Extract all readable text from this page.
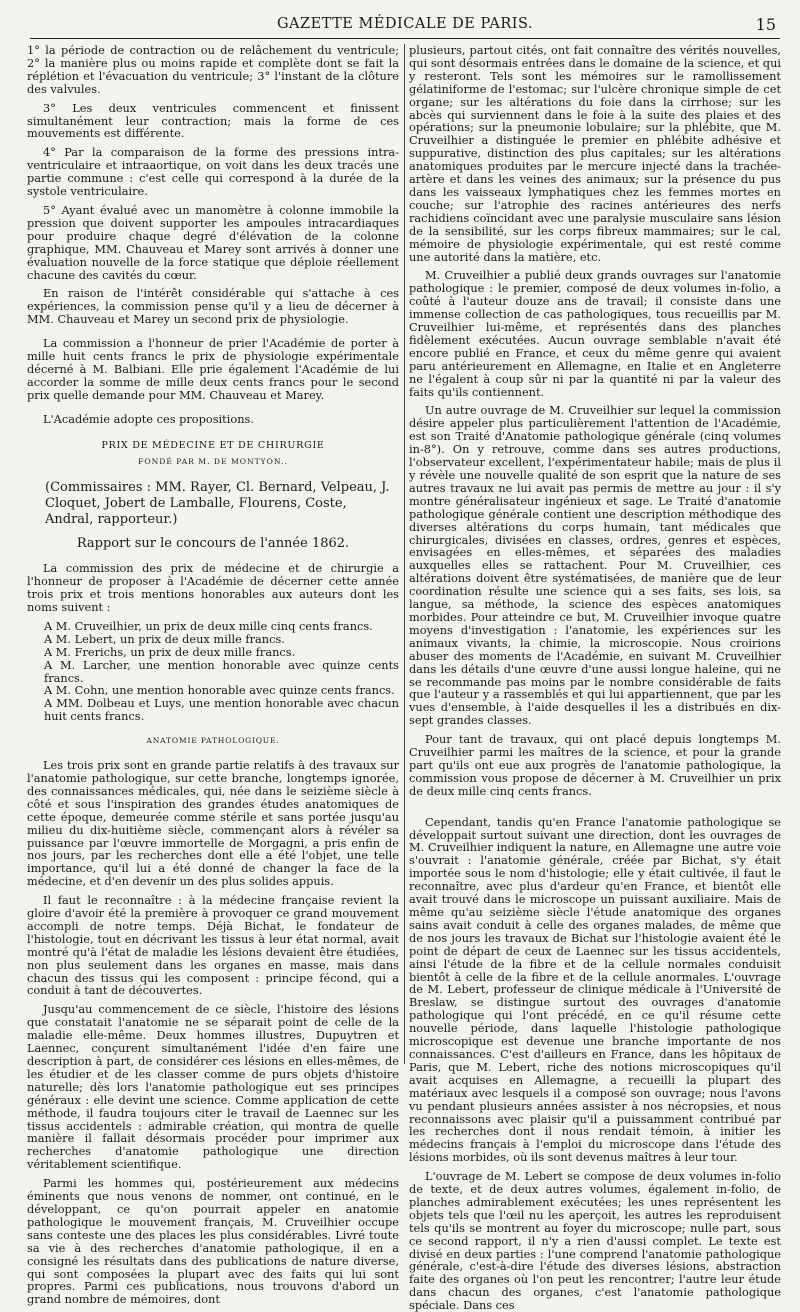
GAZETTE MÉDICALE DE PARIS.	15

1° la période de contraction ou de relâchement du ventricule; 2° la manière plus ou moins rapide et complète dont se fait la réplétion et l'évacuation du ventricule; 3° l'instant de la clôture des valvules.

3° Les deux ventricules commencent et finissent simultanément leur contraction; mais la forme de ces mouvements est différente.

4° Par la comparaison de la forme des pressions intra-ventriculaire et intraaortique, on voit dans les deux tracés une partie commune : c'est celle qui correspond à la durée de la systole ventriculaire.

5° Ayant évalué avec un manomètre à colonne immobile la pression que doivent supporter les ampoules intracardiaques pour produire chaque degré d'élévation de la colonne graphique, MM. Chauveau et Marey sont arrivés à donner une évaluation nouvelle de la force statique que déploie réellement chacune des cavités du cœur.

En raison de l'intérêt considérable qui s'attache à ces expériences, la commission pense qu'il y a lieu de décerner à MM. Chauveau et Marey un second prix de physiologie.

La commission a l'honneur de prier l'Académie de porter à mille huit cents francs le prix de physiologie expérimentale décerné à M. Balbiani. Elle prie également l'Académie de lui accorder la somme de mille deux cents francs pour le second prix quelle demande pour MM. Chauveau et Marey.

L'Académie adopte ces propositions.

PRIX DE MÉDECINE ET DE CHIRURGIE

FONDÉ PAR M. DE MONTYON..

(Commissaires : MM. Rayer, Cl. Bernard, Velpeau, J. Cloquet, Jobert de Lamballe, Flourens, Coste, Andral, rapporteur.)

Rapport sur le concours de l'année 1862.

La commission des prix de médecine et de chirurgie a l'honneur de proposer à l'Académie de décerner cette année trois prix et trois mentions honorables aux auteurs dont les noms suivent :

A M. Cruveilhier, un prix de deux mille cinq cents francs.

A M. Lebert, un prix de deux mille francs.

A M. Frerichs, un prix de deux mille francs.

A M. Larcher, une mention honorable avec quinze cents francs.

A M. Cohn, une mention honorable avec quinze cents francs.

A MM. Dolbeau et Luys, une mention honorable avec chacun huit cents francs.

ANATOMIE PATHOLOGIQUE.

Les trois prix sont en grande partie relatifs à des travaux sur l'anatomie pathologique, sur cette branche, longtemps ignorée, des connaissances médicales, qui, née dans le seizième siècle à côté et sous l'inspiration des grandes études anatomiques de cette époque, demeurée comme stérile et sans portée jusqu'au milieu du dix-huitième siècle, commençant alors à révéler sa puissance par l'œuvre immortelle de Morgagni, a pris enfin de nos jours, par les recherches dont elle a été l'objet, une telle importance, qu'il lui a été donné de changer la face de la médecine, et d'en devenir un des plus solides appuis.

Il faut le reconnaître : à la médecine française revient la gloire d'avoir été la première à provoquer ce grand mouvement accompli de notre temps. Déjà Bichat, le fondateur de l'histologie, tout en décrivant les tissus à leur état normal, avait montré qu'à l'état de maladie les lésions devaient être étudiées, non plus seulement dans les organes en masse, mais dans chacun des tissus qui les composent : principe fécond, qui a conduit à tant de découvertes.

Jusqu'au commencement de ce siècle, l'histoire des lésions que constatait l'anatomie ne se séparait point de celle de la maladie elle-même. Deux hommes illustres, Dupuytren et Laennec, conçurent simultanément l'idée d'en faire une description à part, de considérer ces lésions en elles-mêmes, de les étudier et de les classer comme de purs objets d'histoire naturelle; dès lors l'anatomie pathologique eut ses principes généraux : elle devint une science. Comme application de cette méthode, il faudra toujours citer le travail de Laennec sur les tissus accidentels : admirable création, qui montra de quelle manière il fallait désormais procéder pour imprimer aux recherches d'anatomie pathologique une direction véritablement scientifique.

Parmi les hommes qui, postérieurement aux médecins éminents que nous venons de nommer, ont continué, en le développant, ce qu'on pourrait appeler en anatomie pathologique le mouvement français, M. Cruveilhier occupe sans conteste une des places les plus considérables. Livré toute sa vie à des recherches d'anatomie pathologique, il en a consigné les résultats dans des publications de nature diverse, qui sont composées la plupart avec des faits qui lui sont propres. Parmi ces publications, nous trouvons d'abord un grand nombre de mémoires, dont

plusieurs, partout cités, ont fait connaître des vérités nouvelles, qui sont désormais entrées dans le domaine de la science, et qui y resteront. Tels sont les mémoires sur le ramollissement gélatiniforme de l'estomac; sur l'ulcère chronique simple de cet organe; sur les altérations du foie dans la cirrhose; sur les abcès qui surviennent dans le foie à la suite des plaies et des opérations; sur la pneumonie lobulaire; sur la phlébite, que M. Cruveilhier a distinguée le premier en phlébite adhésive et suppurative, distinction des plus capitales; sur les altérations anatomiques produites par le mercure injecté dans la trachée-artère et dans les veines des animaux; sur la présence du pus dans les vaisseaux lymphatiques chez les femmes mortes en couche; sur l'atrophie des racines antérieures des nerfs rachidiens coïncidant avec une paralysie musculaire sans lésion de la sensibilité, sur les corps fibreux mammaires; sur le cal, mémoire de physiologie expérimentale, qui est resté comme une autorité dans la matière, etc.

M. Cruveilhier a publié deux grands ouvrages sur l'anatomie pathologique : le premier, composé de deux volumes in-folio, a coûté à l'auteur douze ans de travail; il consiste dans une immense collection de cas pathologiques, tous recueillis par M. Cruveilhier lui-même, et représentés dans des planches fidèlement exécutées. Aucun ouvrage semblable n'avait été encore publié en France, et ceux du même genre qui avaient paru antérieurement en Allemagne, en Italie et en Angleterre ne l'égalent à coup sûr ni par la quantité ni par la valeur des faits qu'ils contiennent.

Un autre ouvrage de M. Cruveilhier sur lequel la commission désire appeler plus particulièrement l'attention de l'Académie, est son Traité d'Anatomie pathologique générale (cinq volumes in-8°). On y retrouve, comme dans ses autres productions, l'observateur excellent, l'expérimentateur habile; mais de plus il y révèle une nouvelle qualité de son esprit que la nature de ses autres travaux ne lui avait pas permis de mettre au jour : il s'y montre généralisateur ingénieux et sage. Le Traité d'anatomie pathologique générale contient une description méthodique des diverses altérations du corps humain, tant médicales que chirurgicales, divisées en classes, ordres, genres et espèces, envisagées en elles-mêmes, et séparées des maladies auxquelles elles se rattachent. Pour M. Cruveilhier, ces altérations doivent être systématisées, de manière que de leur coordination résulte une science qui a ses faits, ses lois, sa langue, sa méthode, la science des espèces anatomiques morbides. Pour atteindre ce but, M. Cruveilhier invoque quatre moyens d'investigation : l'anatomie, les expériences sur les animaux vivants, la chimie, la microscopie. Nous croirions abuser des moments de l'Académie, en suivant M. Cruveilhier dans les détails d'une œuvre d'une aussi longue haleine, qui ne se recommande pas moins par le nombre considérable de faits que l'auteur y a rassemblés et qui lui appartiennent, que par les vues d'ensemble, à l'aide desquelles il les a distribués en dix-sept grandes classes.

Pour tant de travaux, qui ont placé depuis longtemps M. Cruveilhier parmi les maîtres de la science, et pour la grande part qu'ils ont eue aux progrès de l'anatomie pathologique, la commission vous propose de décerner à M. Cruveilhier un prix de deux mille cinq cents francs.

Cependant, tandis qu'en France l'anatomie pathologique se développait surtout suivant une direction, dont les ouvrages de M. Cruveilhier indiquent la nature, en Allemagne une autre voie s'ouvrait : l'anatomie générale, créée par Bichat, s'y était importée sous le nom d'histologie; elle y était cultivée, il faut le reconnaître, avec plus d'ardeur qu'en France, et bientôt elle avait trouvé dans le microscope un puissant auxiliaire. Mais de même qu'au seizième siècle l'étude anatomique des organes sains avait conduit à celle des organes malades, de même que de nos jours les travaux de Bichat sur l'histologie avaient été le point de départ de ceux de Laennec sur les tissus accidentels, ainsi l'étude de la fibre et de la cellule normales conduisit bientôt à celle de la fibre et de la cellule anormales. L'ouvrage de M. Lebert, professeur de clinique médicale à l'Université de Breslaw, se distingue surtout des ouvrages d'anatomie pathologique qui l'ont précédé, en ce qu'il résume cette nouvelle période, dans laquelle l'histologie pathologique microscopique est devenue une branche importante de nos connaissances. C'est d'ailleurs en France, dans les hôpitaux de Paris, que M. Lebert, riche des notions microscopiques qu'il avait acquises en Allemagne, a recueilli la plupart des matériaux avec lesquels il a composé son ouvrage; nous l'avons vu pendant plusieurs années assister à nos nécropsies, et nous reconnaissons avec plaisir qu'il a puissamment contribué par les recherches dont il nous rendait témoin, à initier les médecins français à l'emploi du microscope dans l'étude des lésions morbides, où ils sont devenus maîtres à leur tour.

L'ouvrage de M. Lebert se compose de deux volumes in-folio de texte, et de deux autres volumes, également in-folio, de planches admirablement exécutées; les unes représentent les objets tels que l'œil nu les aperçoit, les autres les reproduisent tels qu'ils se montrent au foyer du microscope; nulle part, sous ce second rapport, il n'y a rien d'aussi complet. Le texte est divisé en deux parties : l'une comprend l'anatomie pathologique générale, c'est-à-dire l'étude des diverses lésions, abstraction faite des organes où l'on peut les rencontrer; l'autre leur étude dans chacun des organes, c'est l'anatomie pathologique spéciale. Dans ces
